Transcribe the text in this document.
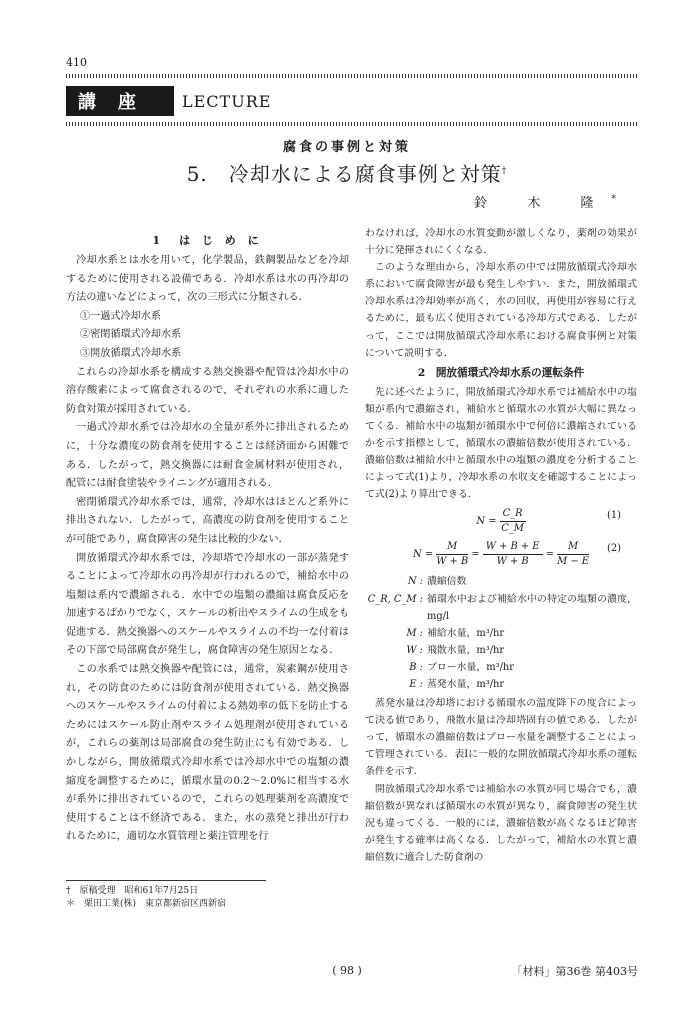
410
講　座	LECTURE
腐食の事例と対策
5.　冷却水による腐食事例と対策†
鈴 木 隆*
1　は じ め に

冷却水系とは水を用いて，化学製品，鉄鋼製品などを冷却するために使用される設備である．冷却水系は水の再冷却の方法の違いなどによって，次の三形式に分類される．

①一過式冷却水系

②密閉循環式冷却水系

③開放循環式冷却水系

これらの冷却水系を構成する熱交換器や配管は冷却水中の溶存酸素によって腐食されるので，それぞれの水系に適した防食対策が採用されている．

一過式冷却水系では冷却水の全量が系外に排出されるために，十分な濃度の防食剤を使用することは経済面から困難である．したがって，熱交換器には耐食金属材料が使用され，配管には耐食塗装やライニングが適用される．

密閉循環式冷却水系では，通常，冷却水はほとんど系外に排出されない．したがって，高濃度の防食剤を使用することが可能であり，腐食障害の発生は比較的少ない．

開放循環式冷却水系では，冷却塔で冷却水の一部が蒸発することによって冷却水の再冷却が行われるので，補給水中の塩類は系内で濃縮される．水中での塩類の濃縮は腐食反応を加速するばかりでなく，スケールの析出やスライムの生成をも促進する．熱交換器へのスケールやスライムの不均一な付着はその下部で局部腐食が発生し，腐食障害の発生原因となる．

この水系では熱交換器や配管には，通常，炭素鋼が使用され，その防食のためには防食剤が使用されている．熱交換器へのスケールやスライムの付着による熱効率の低下を防止するためにはスケール防止剤やスライム処理剤が使用されているが，これらの薬剤は局部腐食の発生防止にも有効である．しかしながら，開放循環式冷却水系では冷却水中での塩類の濃縮度を調整するために，循環水量の0.2～2.0%に相当する水が系外に排出されているので，これらの処理薬剤を高濃度で使用することは不経済である．また，水の蒸発と排出が行われるために，適切な水質管理と薬注管理を行

わなければ，冷却水の水質変動が激しくなり，薬剤の効果が十分に発揮されにくくなる．

このような理由から，冷却水系の中では開放循環式冷却水系において腐食障害が最も発生しやすい．また，開放循環式冷却水系は冷却効率が高く，水の回収，再使用が容易に行えるために，最も広く使用されている冷却方式である．したがって，ここでは開放循環式冷却水系における腐食事例と対策について説明する．

2　開放循環式冷却水系の運転条件

先に述べたように，開放循環式冷却水系では補給水中の塩類が系内で濃縮され，補給水と循環水の水質が大幅に異なってくる．補給水中の塩類が循環水中で何倍に濃縮されているかを示す指標として，循環水の濃縮倍数が使用されている．濃縮倍数は補給水中と循環水中の塩類の濃度を分析することによって式(1)より，冷却水系の水収支を確認することによって式(2)より算出できる．

$N = \frac{C\_R}{C\_M}$	(1)
$N = \frac{M}{W + B} = \frac{W + B + E}{W + B} = \frac{M}{M - E} (2)$
N : 濃縮倍数
C_R, C_M : 循環水中および補給水中の特定の塩類の濃度，mg/l
M : 補給水量，m³/hr
W : 飛散水量，m³/hr
B : ブロー水量，m³/hr
E : 蒸発水量，m³/hr

蒸発水量は冷却塔における循環水の温度降下の度合によって決る値であり，飛散水量は冷却塔固有の値である．したがって，循環水の濃縮倍数はブロー水量を調整することによって管理されている．表Ⅰに一般的な開放循環式冷却水系の運転条件を示す．

開放循環式冷却水系では補給水の水質が同じ場合でも，濃縮倍数が異なれば循環水の水質が異なり，腐食障害の発生状況も違ってくる．一般的には，濃縮倍数が高くなるほど障害が発生する確率は高くなる．したがって，補給水の水質と濃縮倍数に適合した防食剤の

†　原稿受理　昭和61年7月25日
＊　栗田工業(株)　東京都新宿区西新宿
( 98 )	「材料」第36巻 第403号
